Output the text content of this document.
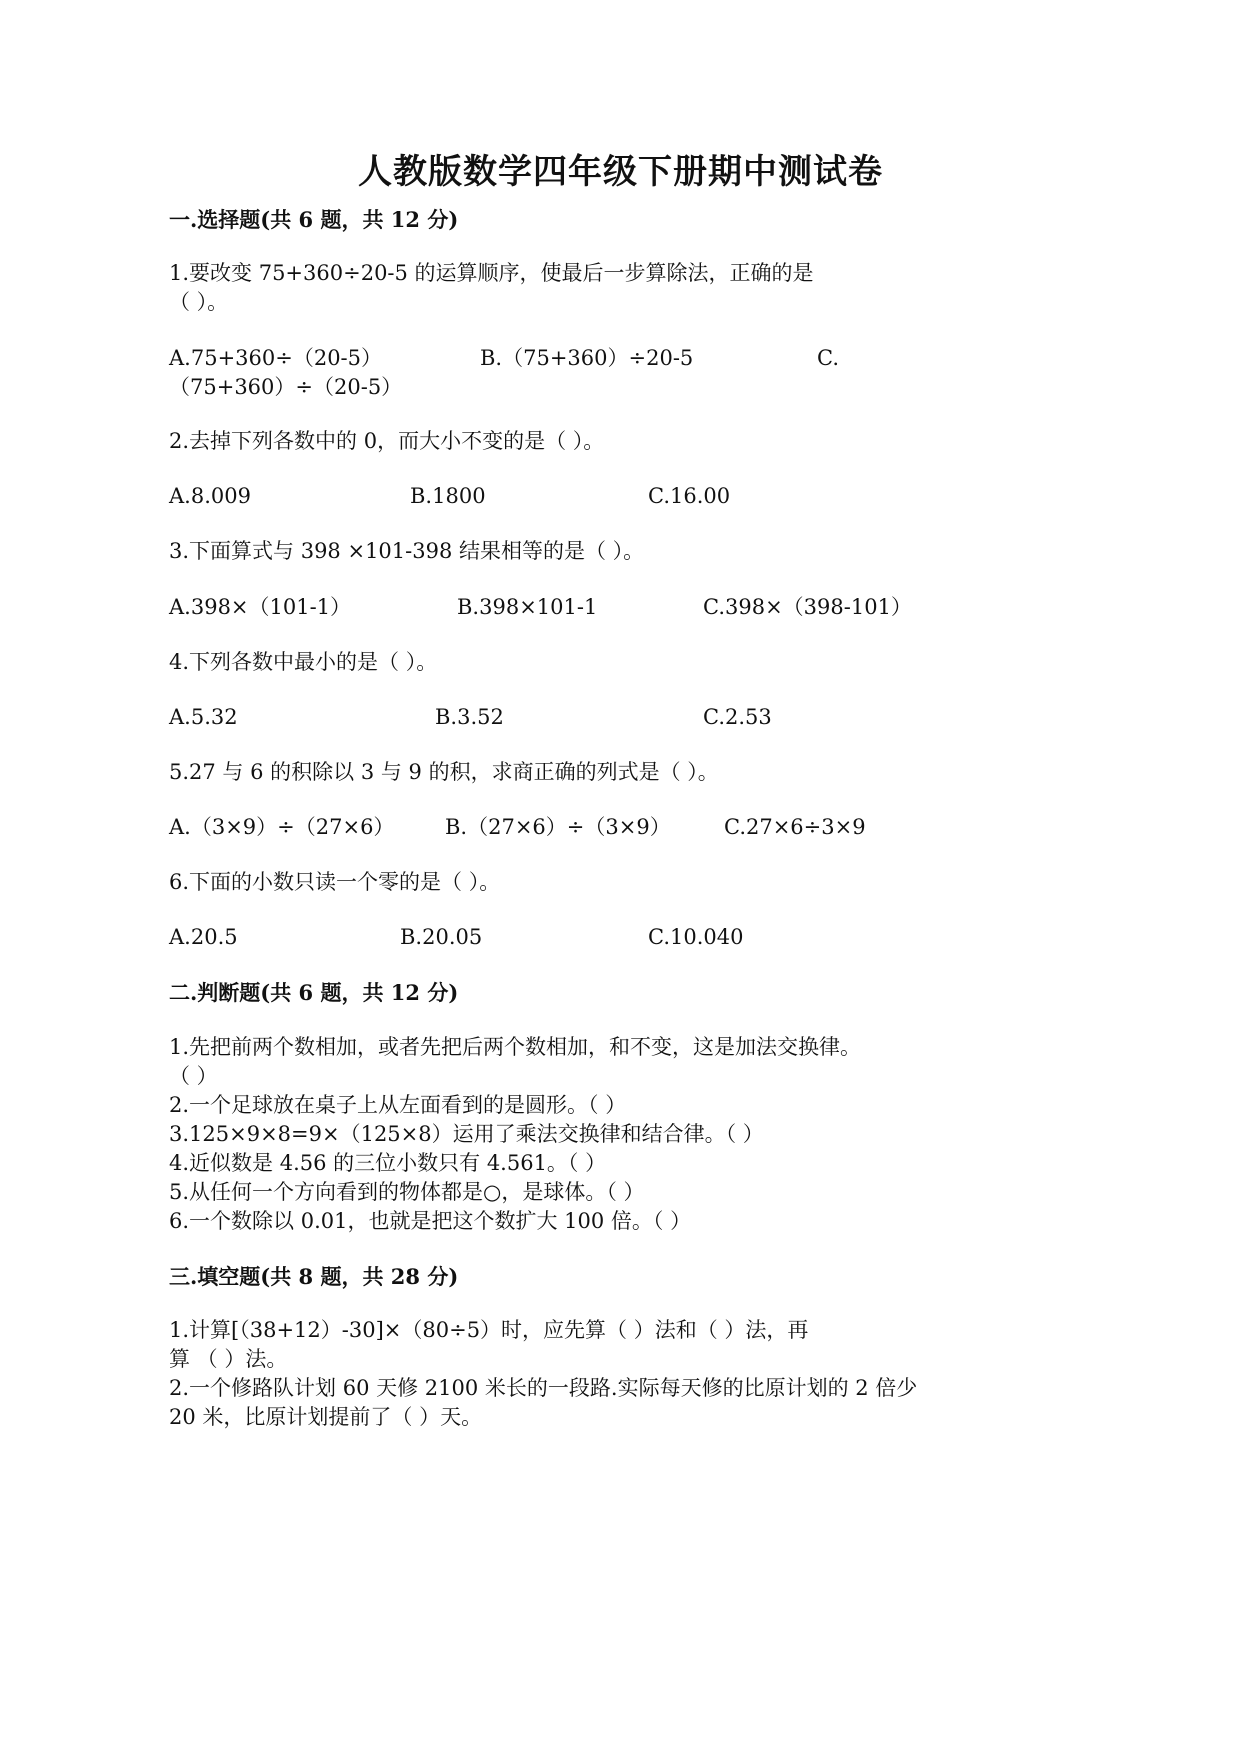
人教版数学四年级下册期中测试卷
一.选择题(共 6 题，共 12 分)
1.要改变 75+360÷20-5 的运算顺序，使最后一步算除法，正确的是
（ ）。
A.75+360÷（20-5）	B.（75+360）÷20-5	C.
（75+360）÷（20-5）
2.去掉下列各数中的 0，而大小不变的是（ ）。
A.8.009	B.1800	C.16.00
3.下面算式与 398 ×101-398 结果相等的是（ ）。
A.398×（101-1）	B.398×101-1	C.398×（398-101）
4.下列各数中最小的是（ ）。
A.5.32	B.3.52	C.2.53
5.27 与 6 的积除以 3 与 9 的积，求商正确的列式是（ ）。
A.（3×9）÷（27×6） B.（27×6）÷（3×9）	C.27×6÷3×9
6.下面的小数只读一个零的是（ ）。
A.20.5	B.20.05	C.10.040
二.判断题(共 6 题，共 12 分)
1.先把前两个数相加，或者先把后两个数相加，和不变，这是加法交换律。
（ ）
2.一个足球放在桌子上从左面看到的是圆形。（ ）
3.125×9×8=9×（125×8）运用了乘法交换律和结合律。（ ）
4.近似数是 4.56 的三位小数只有 4.561。（ ）
5.从任何一个方向看到的物体都是○，是球体。（ ）
6.一个数除以 0.01，也就是把这个数扩大 100 倍。（ ）
三.填空题(共 8 题，共 28 分)
1.计算[（38+12）-30]×（80÷5）时，应先算（ ）法和（ ）法，再
算 （ ）法。
2.一个修路队计划 60 天修 2100 米长的一段路.实际每天修的比原计划的 2 倍少
20 米，比原计划提前了（ ）天。
